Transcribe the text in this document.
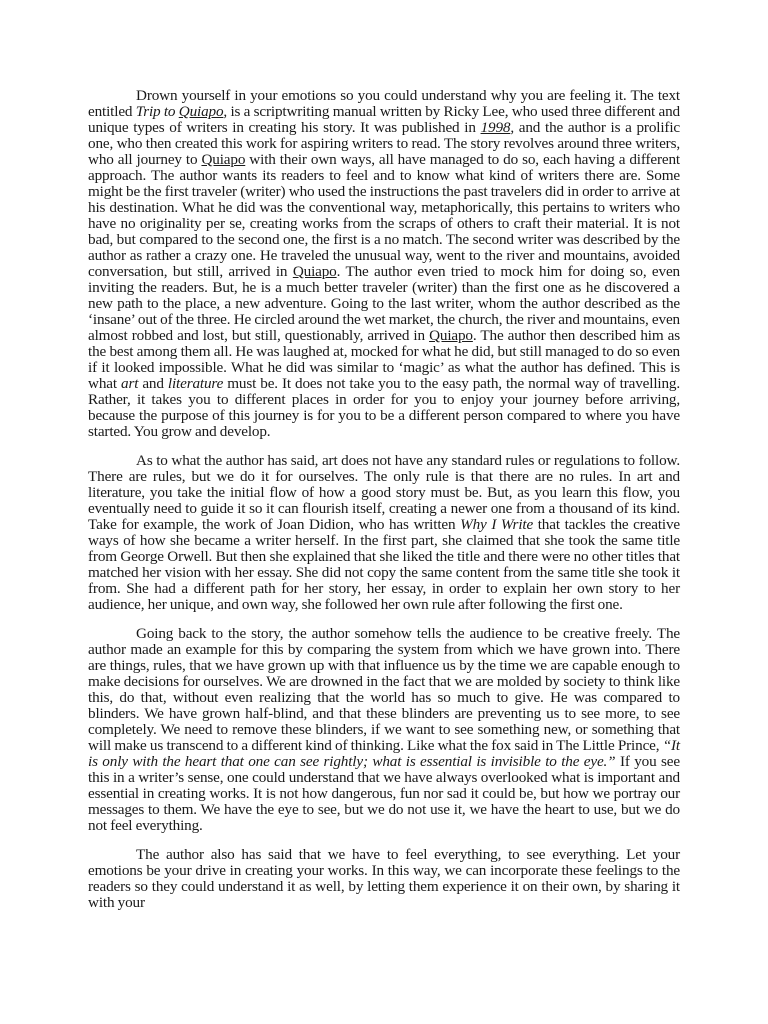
Drown yourself in your emotions so you could understand why you are feeling it. The text entitled Trip to Quiapo, is a scriptwriting manual written by Ricky Lee, who used three different and unique types of writers in creating his story. It was published in 1998, and the author is a prolific one, who then created this work for aspiring writers to read. The story revolves around three writers, who all journey to Quiapo with their own ways, all have managed to do so, each having a different approach. The author wants its readers to feel and to know what kind of writers there are. Some might be the first traveler (writer) who used the instructions the past travelers did in order to arrive at his destination. What he did was the conventional way, metaphorically, this pertains to writers who have no originality per se, creating works from the scraps of others to craft their material. It is not bad, but compared to the second one, the first is a no match. The second writer was described by the author as rather a crazy one. He traveled the unusual way, went to the river and mountains, avoided conversation, but still, arrived in Quiapo. The author even tried to mock him for doing so, even inviting the readers. But, he is a much better traveler (writer) than the first one as he discovered a new path to the place, a new adventure. Going to the last writer, whom the author described as the ‘insane’ out of the three. He circled around the wet market, the church, the river and mountains, even almost robbed and lost, but still, questionably, arrived in Quiapo. The author then described him as the best among them all. He was laughed at, mocked for what he did, but still managed to do so even if it looked impossible. What he did was similar to ‘magic’ as what the author has defined. This is what art and literature must be. It does not take you to the easy path, the normal way of travelling. Rather, it takes you to different places in order for you to enjoy your journey before arriving, because the purpose of this journey is for you to be a different person compared to where you have started. You grow and develop.

As to what the author has said, art does not have any standard rules or regulations to follow. There are rules, but we do it for ourselves. The only rule is that there are no rules. In art and literature, you take the initial flow of how a good story must be. But, as you learn this flow, you eventually need to guide it so it can flourish itself, creating a newer one from a thousand of its kind. Take for example, the work of Joan Didion, who has written Why I Write that tackles the creative ways of how she became a writer herself. In the first part, she claimed that she took the same title from George Orwell. But then she explained that she liked the title and there were no other titles that matched her vision with her essay. She did not copy the same content from the same title she took it from. She had a different path for her story, her essay, in order to explain her own story to her audience, her unique, and own way, she followed her own rule after following the first one.

Going back to the story, the author somehow tells the audience to be creative freely. The author made an example for this by comparing the system from which we have grown into. There are things, rules, that we have grown up with that influence us by the time we are capable enough to make decisions for ourselves. We are drowned in the fact that we are molded by society to think like this, do that, without even realizing that the world has so much to give. He was compared to blinders. We have grown half-blind, and that these blinders are preventing us to see more, to see completely. We need to remove these blinders, if we want to see something new, or something that will make us transcend to a different kind of thinking. Like what the fox said in The Little Prince, “It is only with the heart that one can see rightly; what is essential is invisible to the eye.” If you see this in a writer’s sense, one could understand that we have always overlooked what is important and essential in creating works. It is not how dangerous, fun nor sad it could be, but how we portray our messages to them. We have the eye to see, but we do not use it, we have the heart to use, but we do not feel everything.

The author also has said that we have to feel everything, to see everything. Let your emotions be your drive in creating your works. In this way, we can incorporate these feelings to the readers so they could understand it as well, by letting them experience it on their own, by sharing it with your
